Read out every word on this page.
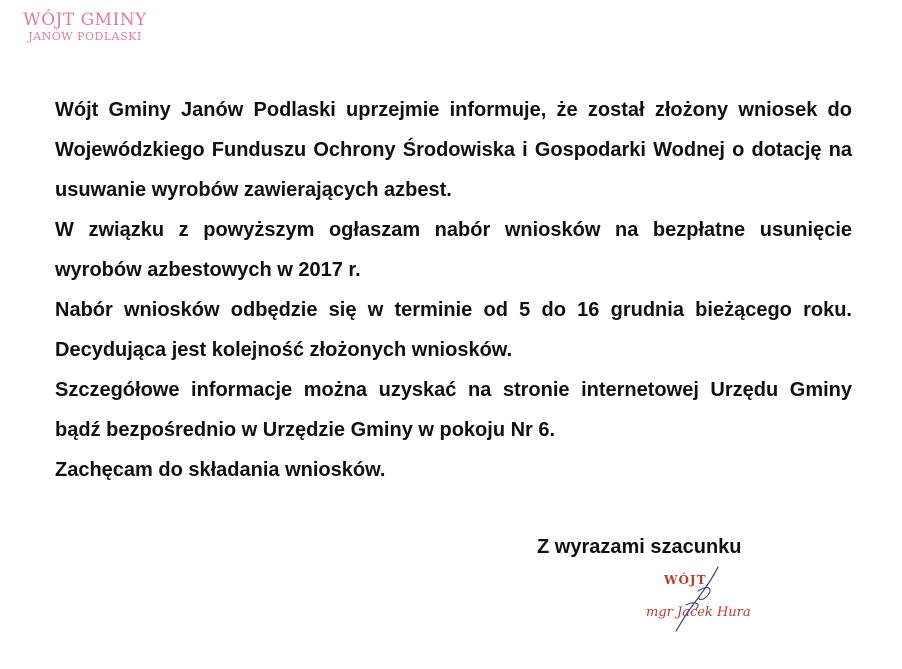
WÓJT GMINY
JANÓW PODLASKI

Wójt Gminy Janów Podlaski uprzejmie informuje, że został złożony wniosek do Wojewódzkiego Funduszu Ochrony Środowiska i Gospodarki Wodnej o dotację na usuwanie wyrobów zawierających azbest.

W związku z powyższym ogłaszam nabór wniosków na bezpłatne usunięcie wyrobów azbestowych w 2017 r.

Nabór wniosków odbędzie się w terminie od 5 do 16 grudnia bieżącego roku. Decydująca jest kolejność złożonych wniosków.

Szczegółowe informacje można uzyskać na stronie internetowej Urzędu Gminy bądź bezpośrednio w Urzędzie Gminy w pokoju Nr 6.

Zachęcam do składania wniosków.

Z wyrazami szacunku
WÓJT
mgr Jacek Hura
